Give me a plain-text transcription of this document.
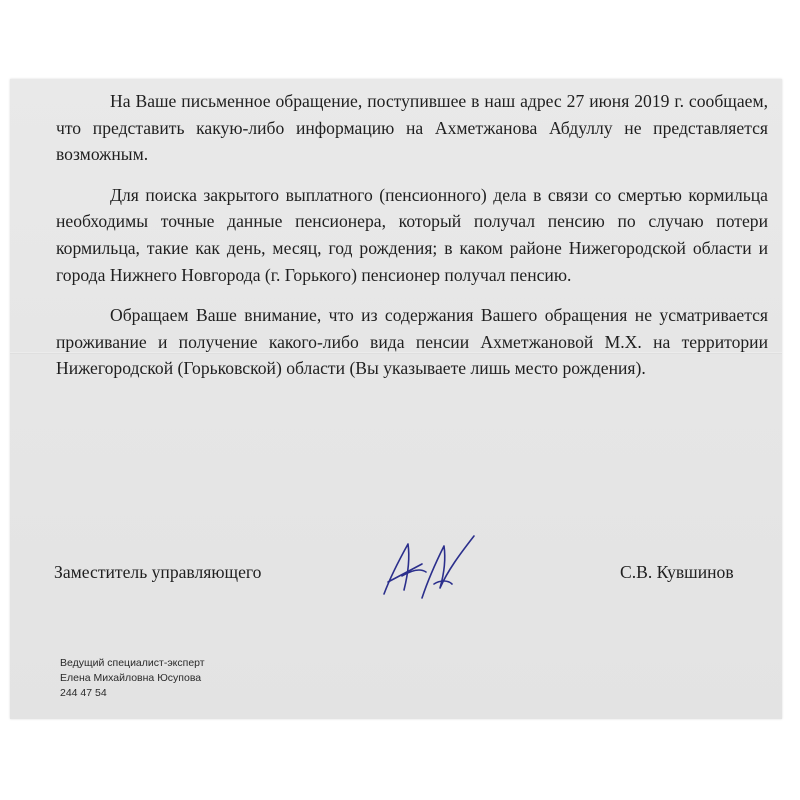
На Ваше письменное обращение, поступившее в наш адрес 27 июня 2019 г. сообщаем, что представить какую-либо информацию на Ахметжанова Абдуллу не представляется возможным.

Для поиска закрытого выплатного (пенсионного) дела в связи со смертью кормильца необходимы точные данные пенсионера, который получал пенсию по случаю потери кормильца, такие как день, месяц, год рождения; в каком районе Нижегородской области и города Нижнего Новгорода (г. Горького) пенсионер получал пенсию.

Обращаем Ваше внимание, что из содержания Вашего обращения не усматривается проживание и получение какого-либо вида пенсии Ахметжановой М.Х. на территории Нижегородской (Горьковской) области (Вы указываете лишь место рождения).

Заместитель управляющего	С.В. Кувшинов
Ведущий специалист-эксперт
Елена Михайловна Юсупова
244 47 54
